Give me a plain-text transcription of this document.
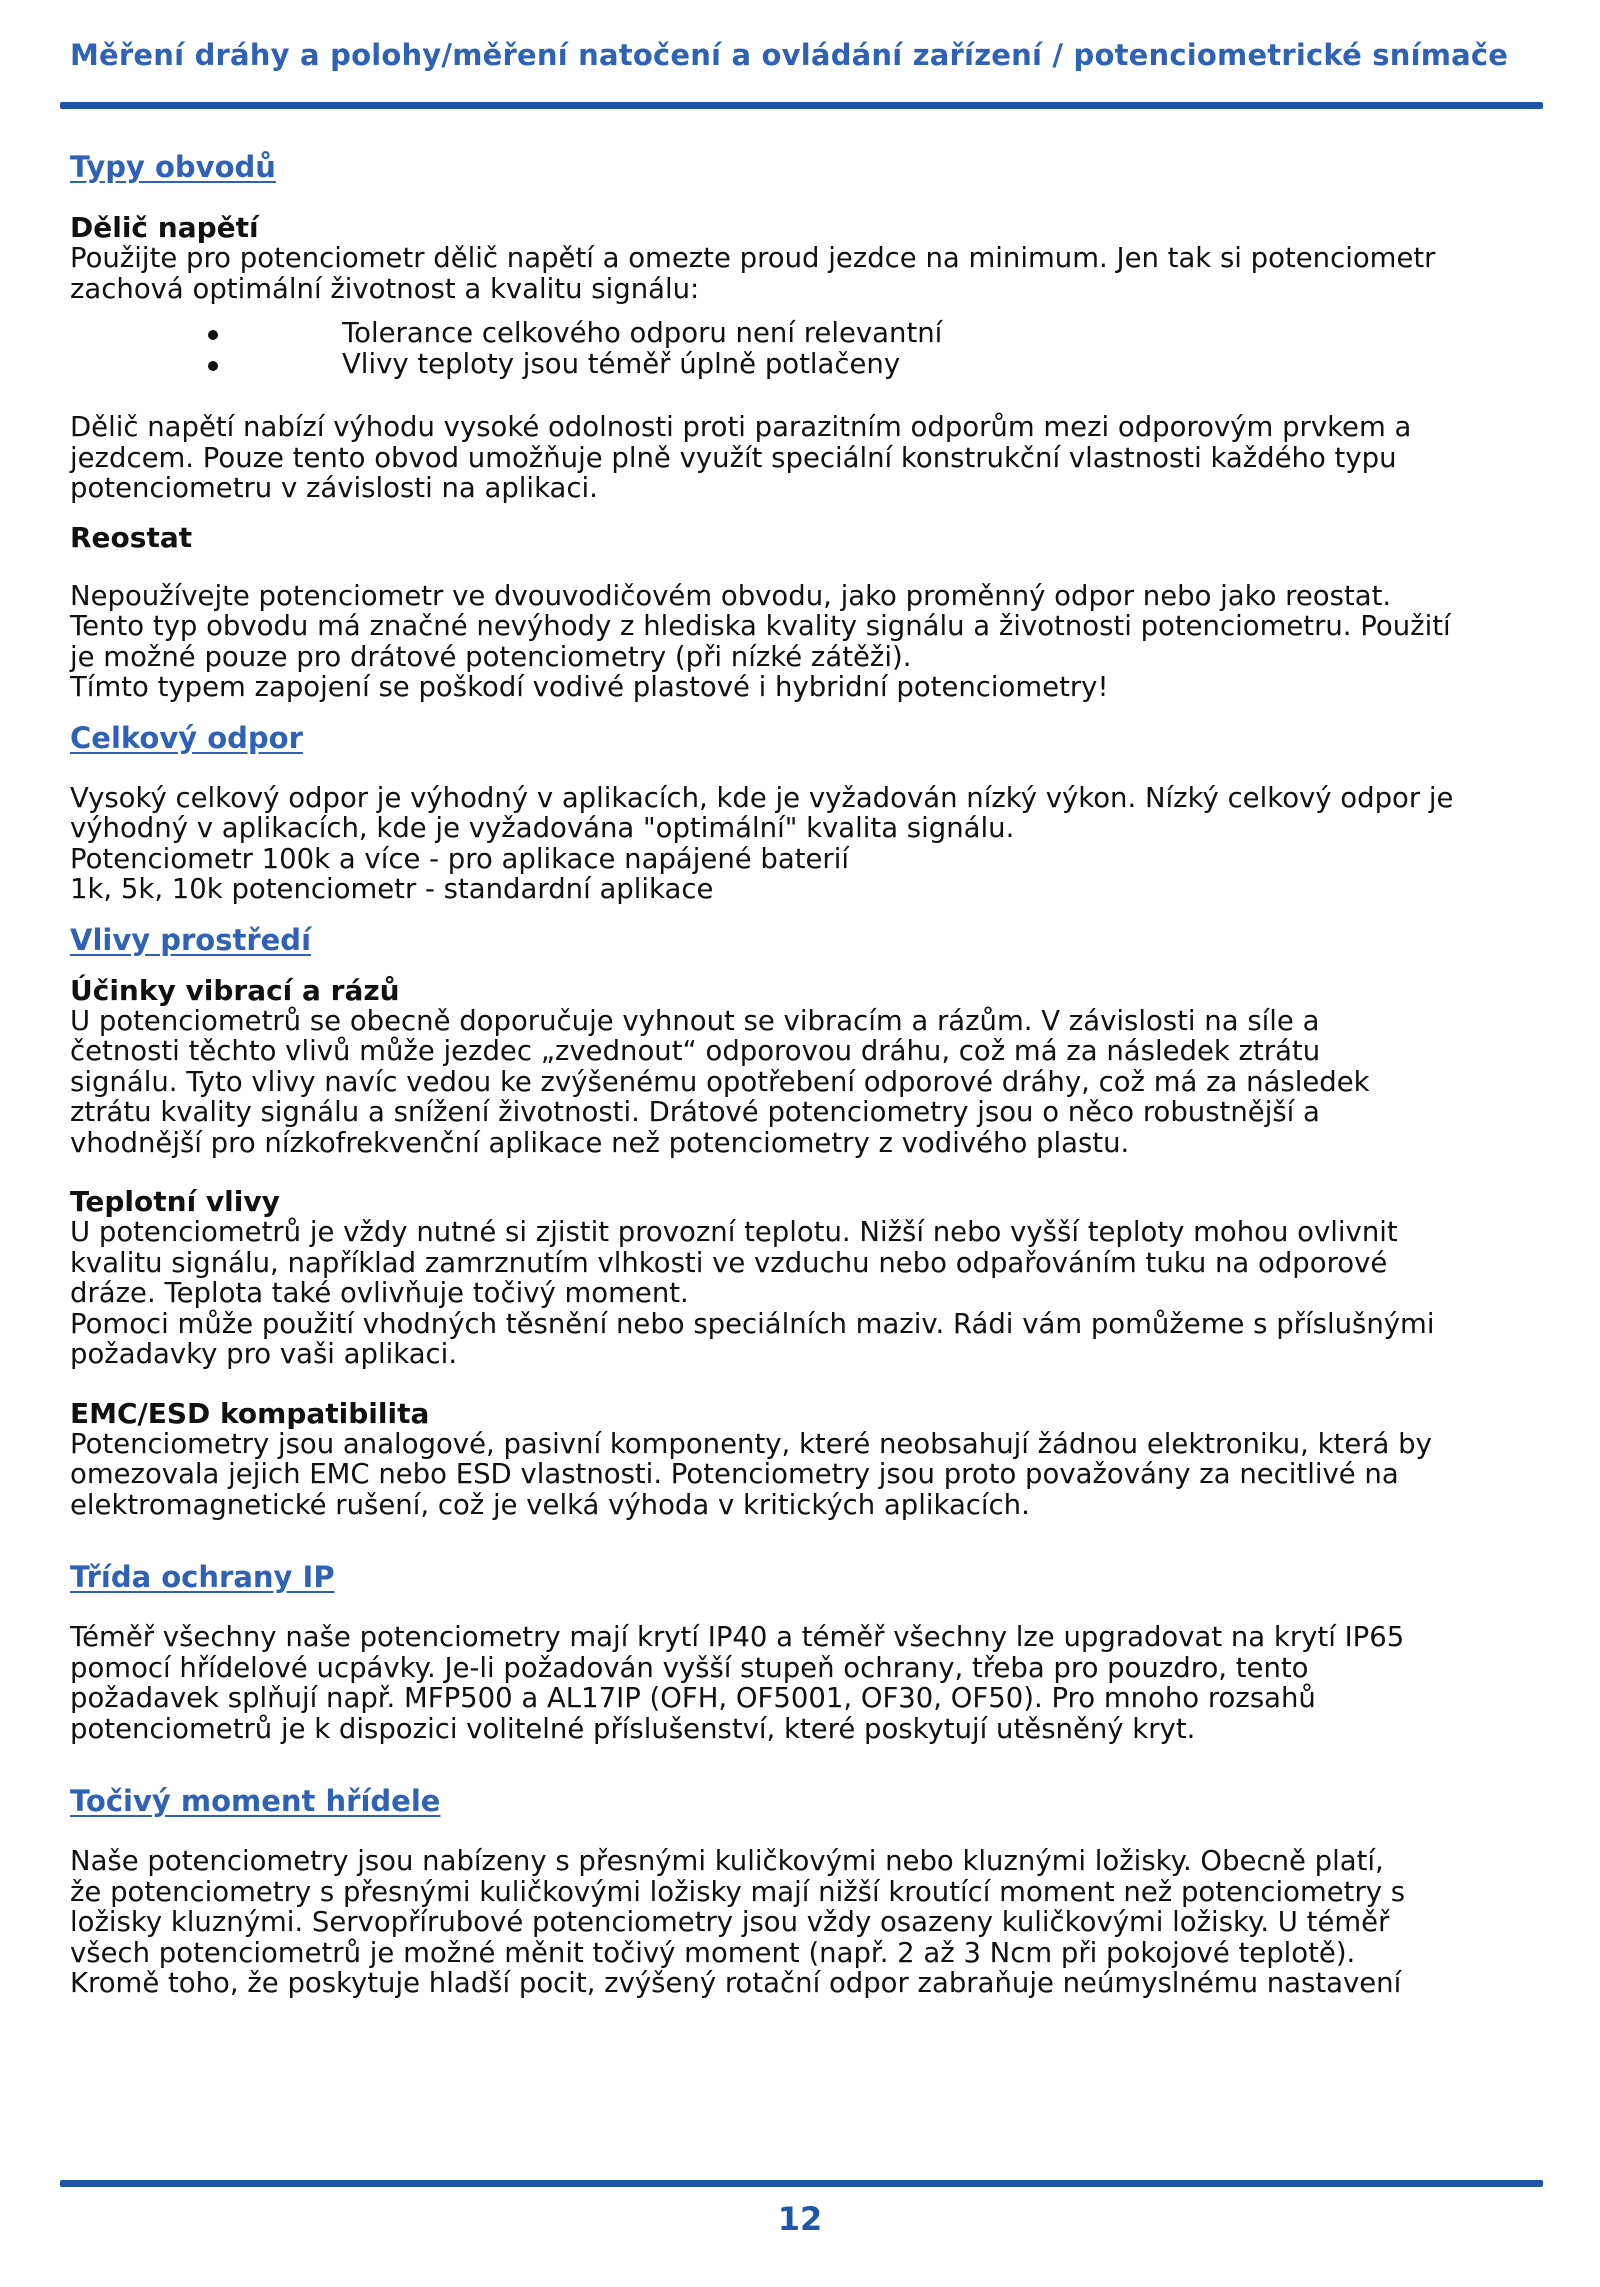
Měření dráhy a polohy/měření natočení a ovládání zařízení / potenciometrické snímače
Typy obvodů
Dělič napětí

Použijte pro potenciometr dělič napětí a omezte proud jezdce na minimum. Jen tak si potenciometr

zachová optimální životnost a kvalitu signálu:

Tolerance celkového odporu není relevantní
Vlivy teploty jsou téměř úplně potlačeny

Dělič napětí nabízí výhodu vysoké odolnosti proti parazitním odporům mezi odporovým prvkem a

jezdcem. Pouze tento obvod umožňuje plně využít speciální konstrukční vlastnosti každého typu

potenciometru v závislosti na aplikaci.

Reostat

Nepoužívejte potenciometr ve dvouvodičovém obvodu, jako proměnný odpor nebo jako reostat.

Tento typ obvodu má značné nevýhody z hlediska kvality signálu a životnosti potenciometru. Použití

je možné pouze pro drátové potenciometry (při nízké zátěži).

Tímto typem zapojení se poškodí vodivé plastové i hybridní potenciometry!

Celkový odpor

Vysoký celkový odpor je výhodný v aplikacích, kde je vyžadován nízký výkon. Nízký celkový odpor je

výhodný v aplikacích, kde je vyžadována "optimální" kvalita signálu.

Potenciometr 100k a více - pro aplikace napájené baterií

1k, 5k, 10k potenciometr - standardní aplikace

Vlivy prostředí
Účinky vibrací a rázů

U potenciometrů se obecně doporučuje vyhnout se vibracím a rázům. V závislosti na síle a

četnosti těchto vlivů může jezdec „zvednout“ odporovou dráhu, což má za následek ztrátu

signálu. Tyto vlivy navíc vedou ke zvýšenému opotřebení odporové dráhy, což má za následek

ztrátu kvality signálu a snížení životnosti. Drátové potenciometry jsou o něco robustnější a

vhodnější pro nízkofrekvenční aplikace než potenciometry z vodivého plastu.

Teplotní vlivy

U potenciometrů je vždy nutné si zjistit provozní teplotu. Nižší nebo vyšší teploty mohou ovlivnit

kvalitu signálu, například zamrznutím vlhkosti ve vzduchu nebo odpařováním tuku na odporové

dráze. Teplota také ovlivňuje točivý moment.

Pomoci může použití vhodných těsnění nebo speciálních maziv. Rádi vám pomůžeme s příslušnými

požadavky pro vaši aplikaci.

EMC/ESD kompatibilita

Potenciometry jsou analogové, pasivní komponenty, které neobsahují žádnou elektroniku, která by

omezovala jejich EMC nebo ESD vlastnosti. Potenciometry jsou proto považovány za necitlivé na

elektromagnetické rušení, což je velká výhoda v kritických aplikacích.

Třída ochrany IP

Téměř všechny naše potenciometry mají krytí IP40 a téměř všechny lze upgradovat na krytí IP65

pomocí hřídelové ucpávky. Je-li požadován vyšší stupeň ochrany, třeba pro pouzdro, tento

požadavek splňují např. MFP500 a AL17IP (OFH, OF5001, OF30, OF50). Pro mnoho rozsahů

potenciometrů je k dispozici volitelné příslušenství, které poskytují utěsněný kryt.

Točivý moment hřídele

Naše potenciometry jsou nabízeny s přesnými kuličkovými nebo kluznými ložisky. Obecně platí,

že potenciometry s přesnými kuličkovými ložisky mají nižší kroutící moment než potenciometry s

ložisky kluznými. Servopřírubové potenciometry jsou vždy osazeny kuličkovými ložisky. U téměř

všech potenciometrů je možné měnit točivý moment (např. 2 až 3 Ncm při pokojové teplotě).

Kromě toho, že poskytuje hladší pocit, zvýšený rotační odpor zabraňuje neúmyslnému nastavení

12
